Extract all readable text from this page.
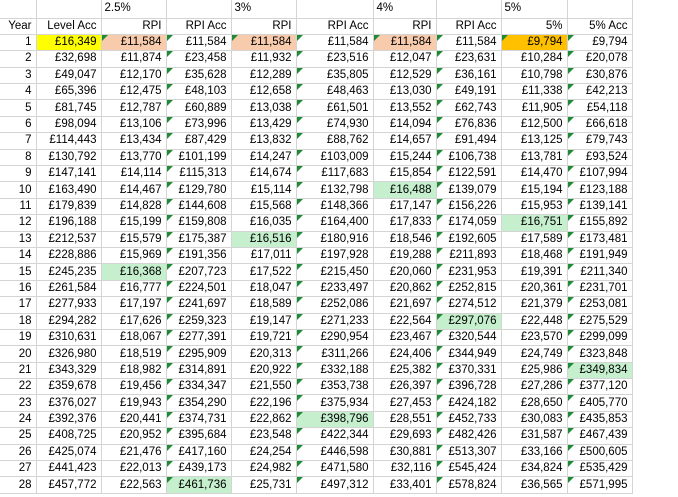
		2.5%		3%		4%		5%	
Year	Level Acc	RPI	RPI Acc	RPI	RPI Acc	RPI	RPI Acc	5%	5% Acc
1	£16,349	£11,584	£11,584	£11,584	£11,584	£11,584	£11,584	£9,794	£9,794
2	£32,698	£11,874	£23,458	£11,932	£23,516	£12,047	£23,631	£10,284	£20,078
3	£49,047	£12,170	£35,628	£12,289	£35,805	£12,529	£36,161	£10,798	£30,876
4	£65,396	£12,475	£48,103	£12,658	£48,463	£13,030	£49,191	£11,338	£42,213
5	£81,745	£12,787	£60,889	£13,038	£61,501	£13,552	£62,743	£11,905	£54,118
6	£98,094	£13,106	£73,996	£13,429	£74,930	£14,094	£76,836	£12,500	£66,618
7	£114,443	£13,434	£87,429	£13,832	£88,762	£14,657	£91,494	£13,125	£79,743
8	£130,792	£13,770	£101,199	£14,247	£103,009	£15,244	£106,738	£13,781	£93,524
9	£147,141	£14,114	£115,313	£14,674	£117,683	£15,854	£122,591	£14,470	£107,994
10	£163,490	£14,467	£129,780	£15,114	£132,798	£16,488	£139,079	£15,194	£123,188
11	£179,839	£14,828	£144,608	£15,568	£148,366	£17,147	£156,226	£15,953	£139,141
12	£196,188	£15,199	£159,808	£16,035	£164,400	£17,833	£174,059	£16,751	£155,892
13	£212,537	£15,579	£175,387	£16,516	£180,916	£18,546	£192,605	£17,589	£173,481
14	£228,886	£15,969	£191,356	£17,011	£197,928	£19,288	£211,893	£18,468	£191,949
15	£245,235	£16,368	£207,723	£17,522	£215,450	£20,060	£231,953	£19,391	£211,340
16	£261,584	£16,777	£224,501	£18,047	£233,497	£20,862	£252,815	£20,361	£231,701
17	£277,933	£17,197	£241,697	£18,589	£252,086	£21,697	£274,512	£21,379	£253,081
18	£294,282	£17,626	£259,323	£19,147	£271,233	£22,564	£297,076	£22,448	£275,529
19	£310,631	£18,067	£277,391	£19,721	£290,954	£23,467	£320,544	£23,570	£299,099
20	£326,980	£18,519	£295,909	£20,313	£311,266	£24,406	£344,949	£24,749	£323,848
21	£343,329	£18,982	£314,891	£20,922	£332,188	£25,382	£370,331	£25,986	£349,834
22	£359,678	£19,456	£334,347	£21,550	£353,738	£26,397	£396,728	£27,286	£377,120
23	£376,027	£19,943	£354,290	£22,196	£375,934	£27,453	£424,182	£28,650	£405,770
24	£392,376	£20,441	£374,731	£22,862	£398,796	£28,551	£452,733	£30,083	£435,853
25	£408,725	£20,952	£395,684	£23,548	£422,344	£29,693	£482,426	£31,587	£467,439
26	£425,074	£21,476	£417,160	£24,254	£446,598	£30,881	£513,307	£33,166	£500,605
27	£441,423	£22,013	£439,173	£24,982	£471,580	£32,116	£545,424	£34,824	£535,429
28	£457,772	£22,563	£461,736	£25,731	£497,312	£33,401	£578,824	£36,565	£571,995
